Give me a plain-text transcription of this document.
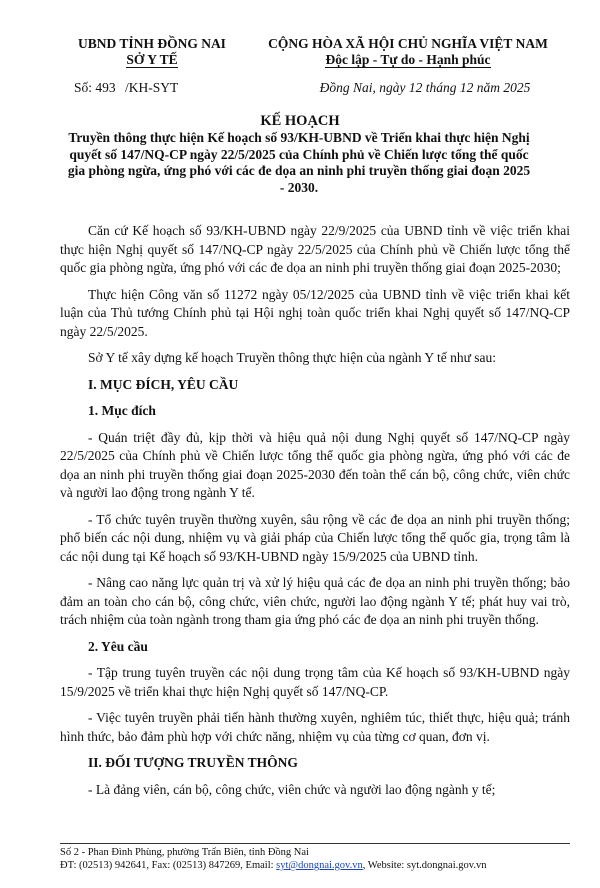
UBND TỈNH ĐỒNG NAI
SỞ Y TẾ
CỘNG HÒA XÃ HỘI CHỦ NGHĨA VIỆT NAM
Độc lập - Tự do - Hạnh phúc
Số: 493 /KH-SYT	Đồng Nai, ngày 12 tháng 12 năm 2025
KẾ HOẠCH
Truyền thông thực hiện Kế hoạch số 93/KH-UBND về Triển khai thực hiện Nghị quyết số 147/NQ-CP ngày 22/5/2025 của Chính phủ về Chiến lược tổng thể quốc gia phòng ngừa, ứng phó với các đe dọa an ninh phi truyền thống giai đoạn 2025 - 2030.

Căn cứ Kế hoạch số 93/KH-UBND ngày 22/9/2025 của UBND tỉnh về việc triển khai thực hiện Nghị quyết số 147/NQ-CP ngày 22/5/2025 của Chính phủ về Chiến lược tổng thể quốc gia phòng ngừa, ứng phó với các đe dọa an ninh phi truyền thống giai đoạn 2025-2030;

Thực hiện Công văn số 11272 ngày 05/12/2025 của UBND tỉnh về việc triển khai kết luận của Thủ tướng Chính phủ tại Hội nghị toàn quốc triển khai Nghị quyết số 147/NQ-CP ngày 22/5/2025.

Sở Y tế xây dựng kế hoạch Truyền thông thực hiện của ngành Y tế như sau:

I. MỤC ĐÍCH, YÊU CẦU
1. Mục đích

- Quán triệt đầy đủ, kịp thời và hiệu quả nội dung Nghị quyết số 147/NQ-CP ngày 22/5/2025 của Chính phủ về Chiến lược tổng thể quốc gia phòng ngừa, ứng phó với các đe dọa an ninh phi truyền thống giai đoạn 2025-2030 đến toàn thể cán bộ, công chức, viên chức và người lao động trong ngành Y tế.

- Tổ chức tuyên truyền thường xuyên, sâu rộng về các đe dọa an ninh phi truyền thống; phổ biến các nội dung, nhiệm vụ và giải pháp của Chiến lược tổng thể quốc gia, trọng tâm là các nội dung tại Kế hoạch số 93/KH-UBND ngày 15/9/2025 của UBND tỉnh.

- Nâng cao năng lực quản trị và xử lý hiệu quả các đe dọa an ninh phi truyền thống; bảo đảm an toàn cho cán bộ, công chức, viên chức, người lao động ngành Y tế; phát huy vai trò, trách nhiệm của toàn ngành trong tham gia ứng phó các đe dọa an ninh phi truyền thống.

2. Yêu cầu

- Tập trung tuyên truyền các nội dung trọng tâm của Kế hoạch số 93/KH-UBND ngày 15/9/2025 về triển khai thực hiện Nghị quyết số 147/NQ-CP.

- Việc tuyên truyền phải tiến hành thường xuyên, nghiêm túc, thiết thực, hiệu quả; tránh hình thức, bảo đảm phù hợp với chức năng, nhiệm vụ của từng cơ quan, đơn vị.

II. ĐỐI TƯỢNG TRUYỀN THÔNG

- Là đảng viên, cán bộ, công chức, viên chức và người lao động ngành y tế;

Số 2 - Phan Đình Phùng, phường Trấn Biên, tỉnh Đồng Nai
ĐT: (02513) 942641, Fax: (02513) 847269, Email: syt@dongnai.gov.vn, Website: syt.dongnai.gov.vn
